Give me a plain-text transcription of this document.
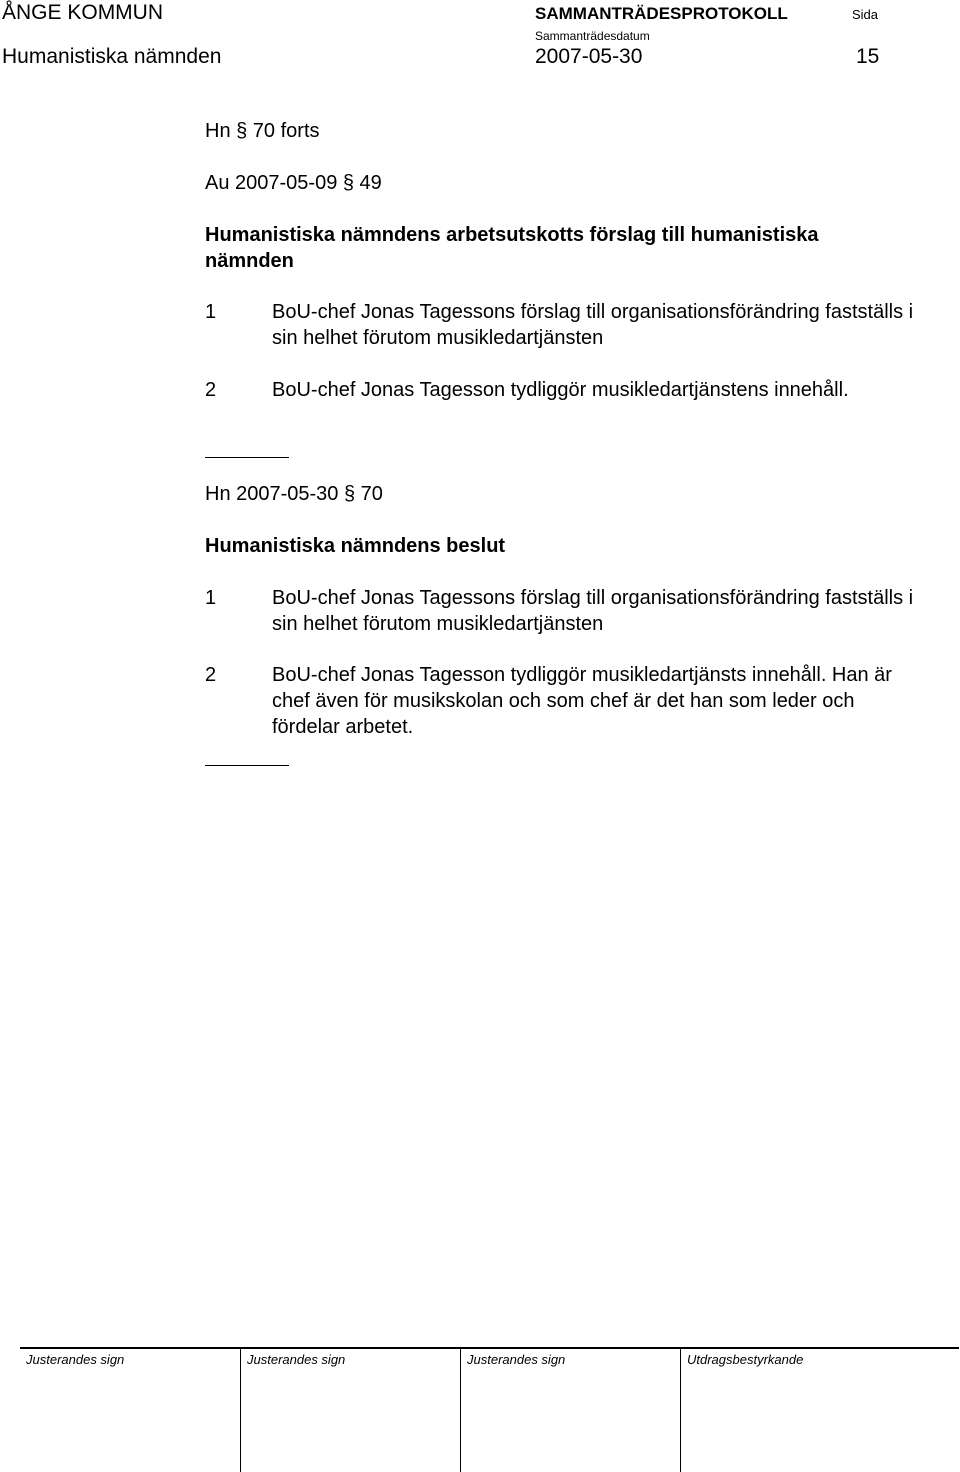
ÅNGE KOMMUN	SAMMANTRÄDESPROTOKOLL	Sida
Sammanträdesdatum
Humanistiska nämnden	2007-05-30	15
Hn § 70 forts
Au 2007-05-09 § 49
Humanistiska nämndens arbetsutskotts förslag till humanistiska nämnden
1	BoU-chef Jonas Tagessons förslag till organisationsförändring fastställs i sin helhet förutom musikledartjänsten
2	BoU-chef Jonas Tagesson tydliggör musikledartjänstens innehåll.
Hn 2007-05-30 § 70
Humanistiska nämndens beslut
1	BoU-chef Jonas Tagessons förslag till organisationsförändring fastställs i sin helhet förutom musikledartjänsten
2	BoU-chef Jonas Tagesson tydliggör musikledartjänsts innehåll. Han är chef även för musikskolan och som chef är det han som leder och fördelar arbetet.
Justerandes sign	Justerandes sign	Justerandes sign	Utdragsbestyrkande
